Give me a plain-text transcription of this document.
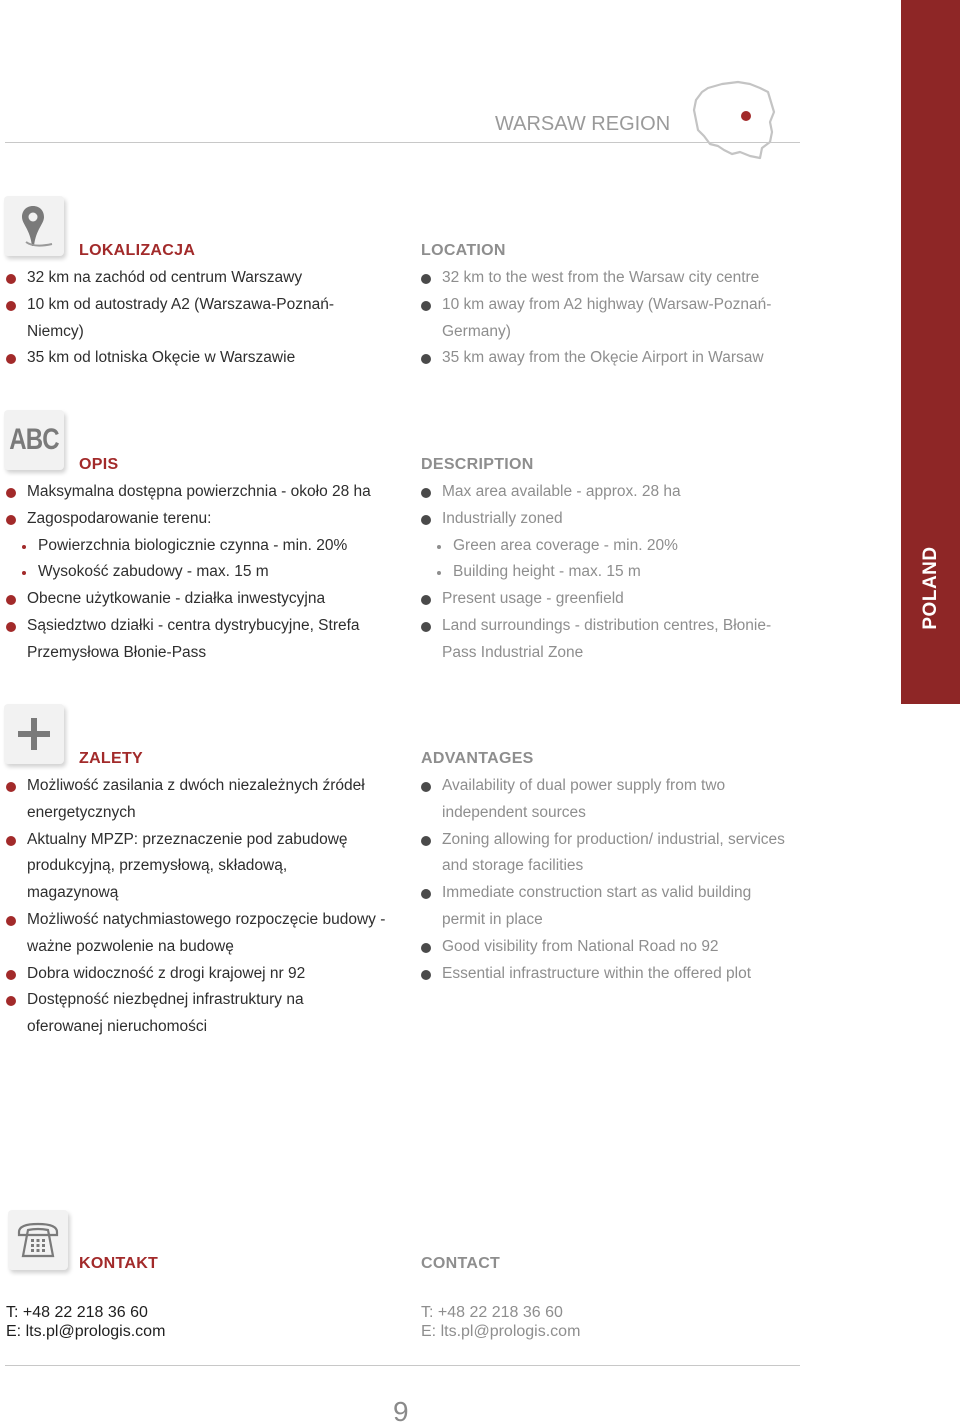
POLAND
WARSAW REGION
LOKALIZACJA	LOCATION
32 km na zachód od centrum Warszawy
10 km od autostrady A2 (Warszawa-Poznań-Niemcy)
35 km od lotniska Okęcie w Warszawie
32 km to the west from the Warsaw city centre
10 km away from A2 highway (Warsaw-Poznań-Germany)
35 km away from the Okęcie Airport in Warsaw
ABC
OPIS	DESCRIPTION
Maksymalna dostępna powierzchnia - około 28 ha
Zagospodarowanie terenu:
Powierzchnia biologicznie czynna - min. 20%
Wysokość zabudowy - max. 15 m
Obecne użytkowanie - działka inwestycyjna
Sąsiedztwo działki - centra dystrybucyjne, Strefa Przemysłowa Błonie-Pass
Max area available - approx. 28 ha
Industrially zoned
Green area coverage - min. 20%
Building height - max. 15 m
Present usage - greenfield
Land surroundings - distribution centres, Błonie-Pass Industrial Zone
ZALETY	ADVANTAGES
Możliwość zasilania z dwóch niezależnych źródeł energetycznych
Aktualny MPZP: przeznaczenie pod zabudowę produkcyjną, przemysłową, składową, magazynową
Możliwość natychmiastowego rozpoczęcie budowy - ważne pozwolenie na budowę
Dobra widoczność z drogi krajowej nr 92
Dostępność niezbędnej infrastruktury na oferowanej nieruchomości
Availability of dual power supply from two independent sources
Zoning allowing for production/ industrial, services and storage facilities
Immediate construction start as valid building permit in place
Good visibility from National Road no 92
Essential infrastructure within the offered plot
KONTAKT	CONTACT
T: +48 22 218 36 60
E: lts.pl@prologis.com
T: +48 22 218 36 60
E: lts.pl@prologis.com
9
